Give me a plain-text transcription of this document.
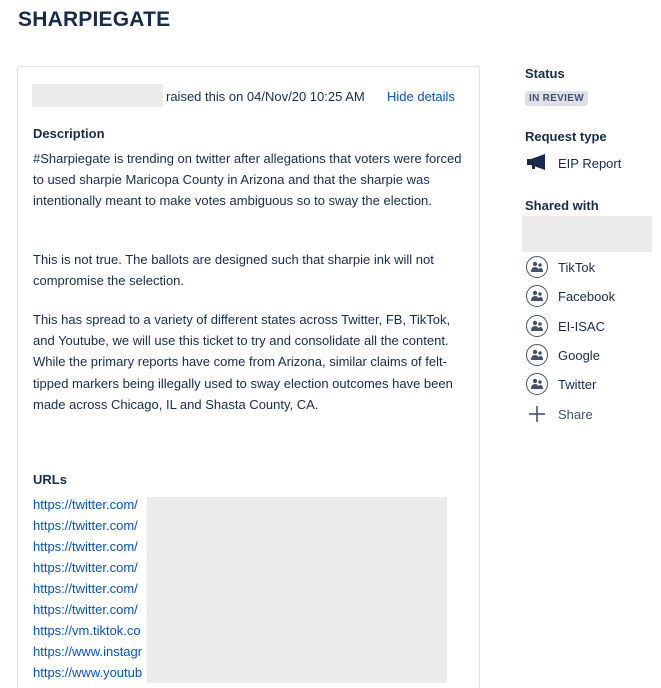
SHARPIEGATE
raised this on 04/Nov/20 10:25 AM Hide details
Description
#Sharpiegate is trending on twitter after allegations that voters were forced to used sharpie Maricopa County in Arizona and that the sharpie was intentionally meant to make votes ambiguous so to sway the election.
This is not true. The ballots are designed such that sharpie ink will not compromise the selection.
This has spread to a variety of different states across Twitter, FB, TikTok, and Youtube, we will use this ticket to try and consolidate all the content. While the primary reports have come from Arizona, similar claims of felt-tipped markers being illegally used to sway election outcomes have been made across Chicago, IL and Shasta County, CA.
URLs
https://twitter.com/
https://twitter.com/
https://twitter.com/
https://twitter.com/
https://twitter.com/
https://twitter.com/
https://vm.tiktok.co
https://www.instagr
https://www.youtub
Status
IN REVIEW
Request type
EIP Report
Shared with
TikTok
Facebook
EI-ISAC
Google
Twitter
Share
